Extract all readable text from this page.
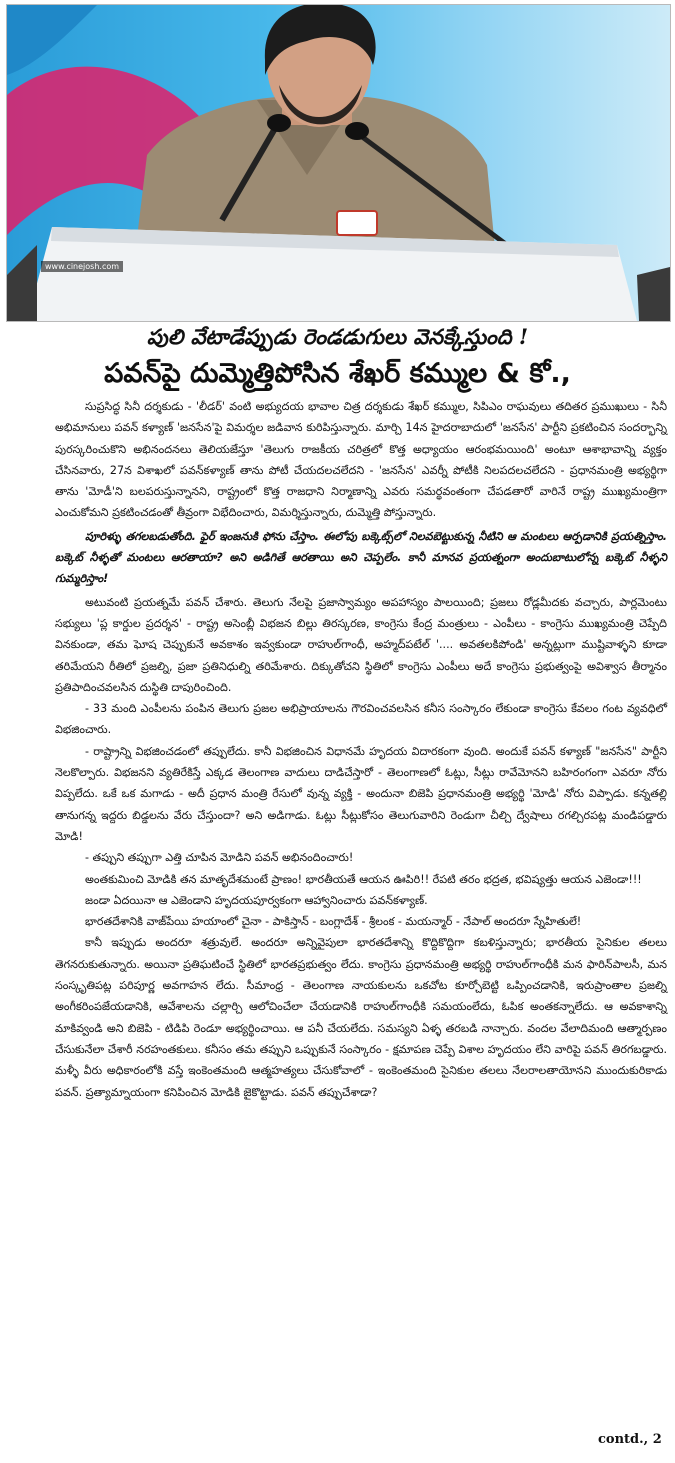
www.cinejosh.com
పులి వేటాడేప్పుడు రెండడుగులు వెనక్కేస్తుంది !
పవన్‌పై దుమ్మెత్తిపోసిన శేఖర్‌ కమ్ముల & కో.,

సుప్రసిద్ధ సినీ దర్శకుడు - 'లీడర్‌' వంటి అభ్యుదయ భావాల చిత్ర దర్శకుడు శేఖర్‌ కమ్ముల, సిపిఎం రాఘవులు తదితర ప్రముఖులు - సినీ అభిమానులు పవన్‌ కళ్యాణ్‌ 'జనసేన'పై విమర్శల జడివాన కురిపిస్తున్నారు. మార్చి 14న హైదరాబాదులో 'జనసేన' పార్టీని ప్రకటించిన సందర్భాన్ని పురస్కరించుకొని అభినందనలు తెలియజేస్తూ 'తెలుగు రాజకీయ చరిత్రలో కొత్త అధ్యాయం ఆరంభమయింది' అంటూ ఆశాభావాన్ని వ్యక్తం చేసినవారు, 27న విశాఖలో పవన్‌కళ్యాణ్‌ తాను పోటీ చేయదలచలేదని - 'జనసేన' ఎవర్నీ పోటీకి నిలపదలచలేదని - ప్రధానమంత్రి అభ్యర్థిగా తాను 'మోడీ'ని బలపరుస్తున్నానని, రాష్ట్రంలో కొత్త రాజధాని నిర్మాణాన్ని ఎవరు సమర్థవంతంగా చేపడతారో వారినే రాష్ట్ర ముఖ్యమంత్రిగా ఎంచుకోమని ప్రకటించడంతో తీవ్రంగా విభేదించారు, విమర్శిస్తున్నారు, దుమ్మెత్తి పోస్తున్నారు.

పూరిళ్ళు తగలబడుతోంది. ఫైర్‌ ఇంజనుకి ఫోను చేస్తాం. ఈలోపు బక్కెట్స్‌లో నిలవబెట్టుకున్న నీటిని ఆ మంటలు ఆర్పడానికి ప్రయత్నిస్తాం. బక్కెట్‌ నీళ్ళతో మంటలు ఆరతాయా? అని అడిగితే ఆరతాయి అని చెప్పలేం. కానీ మానవ ప్రయత్నంగా అందుబాటులోన్న బక్కెట్‌ నీళ్ళని గుమ్మరిస్తాం!

అటువంటి ప్రయత్నమే పవన్‌ చేశారు. తెలుగు నేలపై ప్రజాస్వామ్యం అపహాస్యం పాలయింది; ప్రజలు రోడ్లమీదకు వచ్చారు, పార్లమెంటు సభ్యులు 'ప్ల కార్డుల ప్రదర్శన' - రాష్ట్ర అసెంబ్లీ విభజన బిల్లు తిరస్కరణ, కాంగ్రెసు కేంద్ర మంత్రులు - ఎంపీలు - కాంగ్రెసు ముఖ్యమంత్రి చెప్పేది వినకుండా, తమ ఘోష చెప్పుకునే అవకాశం ఇవ్వకుండా రాహుల్‌గాంధీ, అహ్మద్‌పటేల్‌ '.... అవతలకిపోండి' అన్నట్లుగా ముష్టివాళ్ళని కూడా తరిమేయని రీతిలో ప్రజల్ని, ప్రజా ప్రతినిధుల్ని తరిమేశారు. దిక్కుతోచని స్థితిలో కాంగ్రెసు ఎంపీలు అదే కాంగ్రెసు ప్రభుత్వంపై అవిశ్వాస తీర్మానం ప్రతిపాదించవలసిన దుస్థితి దాపురించింది.

- 33 మంది ఎంపీలను పంపిన తెలుగు ప్రజల అభిప్రాయాలను గౌరవించవలసిన కనీస సంస్కారం లేకుండా కాంగ్రెసు కేవలం గంట వ్యవధిలో విభజించారు.

- రాష్ట్రాన్ని విభజించడంలో తప్పులేదు. కానీ విభజించిన విధానమే హృదయ విదారకంగా వుంది. అందుకే పవన్‌ కళ్యాణ్‌ "జనసేన" పార్టీని నెలకొల్పారు. విభజనని వ్యతిరేకిస్తే ఎక్కడ తెలంగాణ వాదులు దాడిచేస్తారో - తెలంగాణలో ఓట్లు, సీట్లు రావేమోనని బహిరంగంగా ఎవరూ నోరు విప్పలేదు. ఒకే ఒక మగాడు - అదీ ప్రధాన మంత్రి రేసులో వున్న వ్యక్తి - అందునా బిజెపి ప్రధానమంత్రి అభ్యర్థి 'మోడి' నోరు విప్పాడు. కన్నతల్లి తానుగన్న ఇద్దరు బిడ్డలను వేరు చేస్తుందా? అని అడిగాడు. ఓట్లు సీట్లుకోసం తెలుగువారిని రెండుగా చీల్చి ద్వేషాలు రగల్చిరపట్ల మండిపడ్డారు మోడి!

- తప్పుని తప్పుగా ఎత్తి చూపిన మోడిని పవన్‌ అభినందించారు!

అంతకుమించి మోడికి తన మాతృదేశమంటే ప్రాణం! భారతీయతే ఆయన ఊపిరి!! రేపటి తరం భద్రత, భవిష్యత్తు ఆయన ఎజెండా!!!

జండా ఏదయినా ఆ ఎజెండాని హృదయపూర్వకంగా ఆహ్వానించారు పవన్‌కళ్యాణ్‌.

భారతదేశానికి వాజ్‌పేయి హయాంలో చైనా - పాకిస్తాన్‌ - బంగ్లాదేశ్‌ - శ్రీలంక - మయన్మార్‌ - నేపాల్‌ అందరూ స్నేహితులే!

కానీ ఇప్పుడు అందరూ శత్రువులే. అందరూ అన్నివైపులా భారతదేశాన్ని కొద్దికొద్దిగా కబళిస్తున్నారు; భారతీయ సైనికుల తలలు తెగనరుకుతున్నారు. అయినా ప్రతిఘటించే స్థితిలో భారతప్రభుత్వం లేదు. కాంగ్రెసు ప్రధానమంత్రి అభ్యర్థి రాహుల్‌గాంధీకి మన ఫారిన్‌పాలసీ, మన సంస్కృతిపట్ల పరిపూర్ణ అవగాహన లేదు. సీమాంధ్ర - తెలంగాణ నాయకులను ఒకచోట కూర్చోబెట్టి ఒప్పించడానికి, ఇరుప్రాంతాల ప్రజల్ని అంగీకరింపజేయడానికి, ఆవేశాలను చల్లార్చి ఆలోచించేలా చేయడానికి రాహుల్‌గాంధీకి సమయంలేదు, ఓపిక అంతకన్నాలేదు. ఆ అవకాశాన్ని మాకివ్వండి అని బిజెపి - టిడిపి రెండూ అభ్యర్థించాయి. ఆ పనీ చేయలేదు. సమస్యని ఏళ్ళ తరబడి నాన్చారు. వందల వేలాదిమంది ఆత్మార్పణం చేసుకునేలా చేశారీ నరహంతకులు. కనీసం తమ తప్పుని ఒప్పుకునే సంస్కారం - క్షమాపణ చెప్పే విశాల హృదయం లేని వారిపై పవన్‌ తిరగబడ్డారు. మళ్ళీ వీరు అధికారంలోకి వస్తే ఇంకెంతమంది ఆత్మహత్యలు చేసుకోవాలో - ఇంకెంతమంది సైనికుల తలలు నేలరాలతాయోనని ముందుకురికాడు పవన్‌. ప్రత్యామ్నాయంగా కనిపించిన మోడికి జైకొట్టాడు. పవన్‌ తప్పుచేశాడా?

contd., 2
